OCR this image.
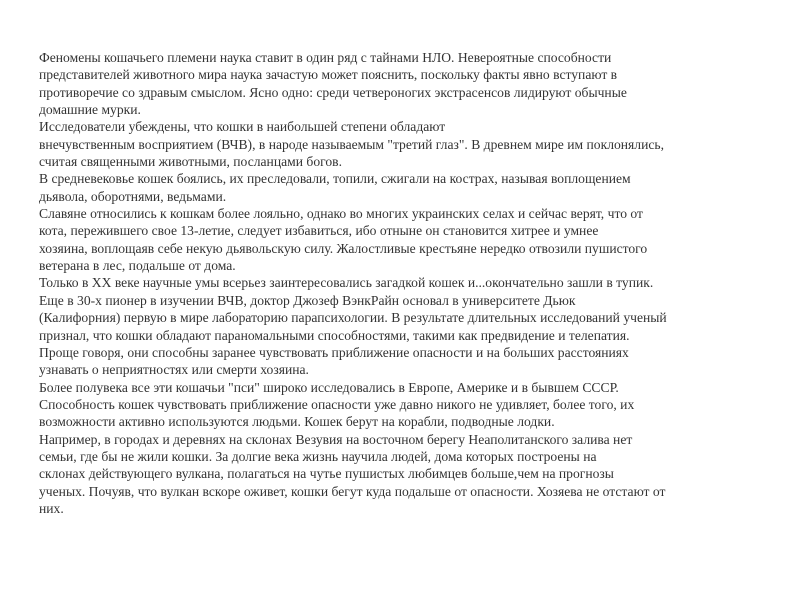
Феномены кошачьего племени наука ставит в один ряд с тайнами НЛО. Невероятные способности
представителей животного мира наука зачастую может пояснить, поскольку факты явно вступают в
противоречие со здравым смыслом. Ясно одно: среди четвероногих экстрасенсов лидируют обычные
домашние мурки.
Исследователи убеждены, что кошки в наибольшей степени обладают
внечувственным восприятием (ВЧВ), в народе называемым "третий глаз". В древнем мире им поклонялись,
считая священными животными, посланцами богов.
В средневековье кошек боялись, их преследовали, топили, сжигали на кострах, называя воплощением
дьявола, оборотнями, ведьмами.
Славяне относились к кошкам более лояльно, однако во многих украинских селах и сейчас верят, что от
кота, пережившего свое 13-летие, следует избавиться, ибо отныне он становится хитрее и умнее
хозяина, воплощаяв себе некую дьявольскую силу. Жалостливые крестьяне нередко отвозили пушистого
ветерана в лес, подальше от дома.
Только в XX веке научные умы всерьез заинтересовались загадкой кошек и...окончательно зашли в тупик.
Еще в 30-х пионер в изучении ВЧВ, доктор Джозеф ВэнкРайн основал в университете Дьюк
(Калифорния) первую в мире лабораторию парапсихологии. В результате длительных исследований ученый
признал, что кошки обладают параномальными способностями, такими как предвидение и телепатия.
Проще говоря, они способны заранее чувствовать приближение опасности и на больших расстояниях
узнавать о неприятностях или смерти хозяина.
Более полувека все эти кошачьи "пси" широко исследовались в Европе, Америке и в бывшем СССР.
Способность кошек чувствовать приближение опасности уже давно никого не удивляет, более того, их
возможности активно используются людьми. Кошек берут на корабли, подводные лодки.
Например, в городах и деревнях на склонах Везувия на восточном берегу Неаполитанского залива нет
семьи, где бы не жили кошки. За долгие века жизнь научила людей, дома которых построены на
склонах действующего вулкана, полагаться на чутье пушистых любимцев больше,чем на прогнозы
ученых. Почуяв, что вулкан вскоре оживет, кошки бегут куда подальше от опасности. Хозяева не отстают от
них.
